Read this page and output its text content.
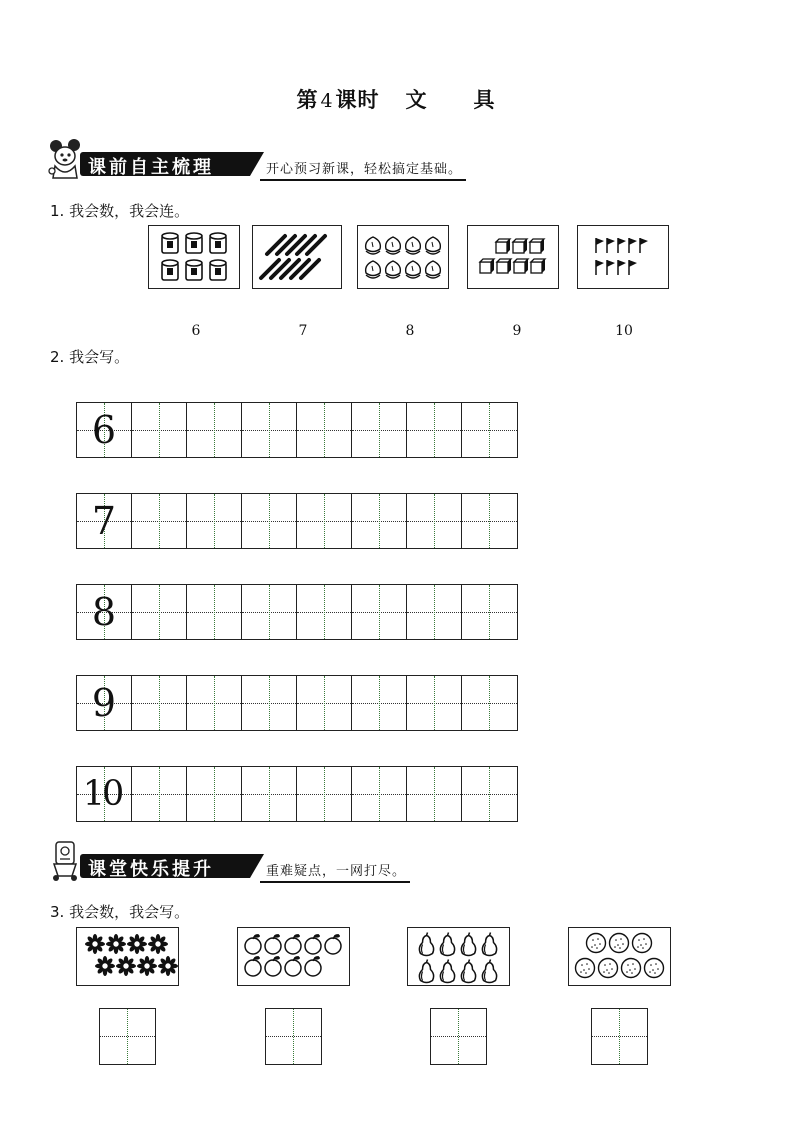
第 4课时 文 具
课前自主梳理	开心预习新课，轻松搞定基础。
1. 我会数，我会连。
6	7	8	9	10
2. 我会写。
6
7
8
9
10
课堂快乐提升	重难疑点，一网打尽。
3. 我会数，我会写。
